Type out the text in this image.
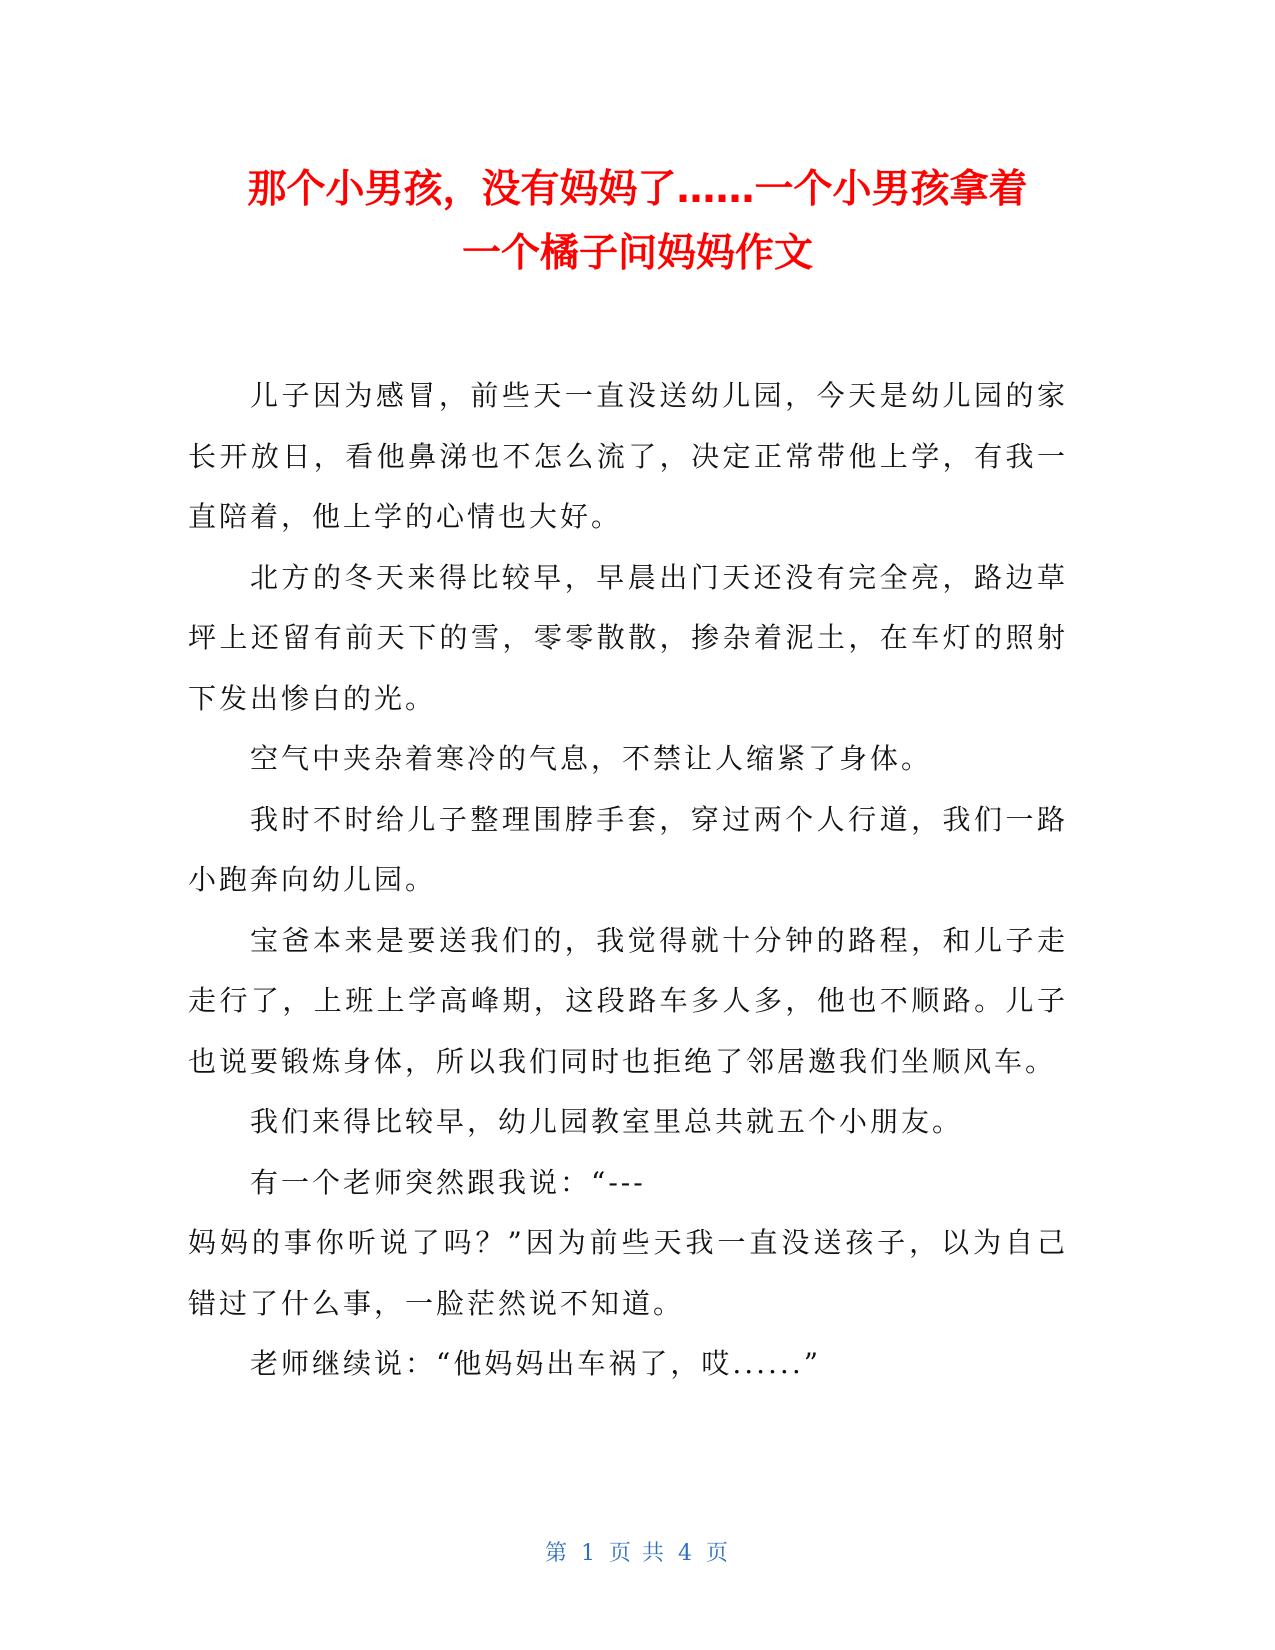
那个小男孩，没有妈妈了……一个小男孩拿着
一个橘子问妈妈作文

儿子因为感冒，前些天一直没送幼儿园，今天是幼儿园的家长开放日，看他鼻涕也不怎么流了，决定正常带他上学，有我一直陪着，他上学的心情也大好。

北方的冬天来得比较早，早晨出门天还没有完全亮，路边草坪上还留有前天下的雪，零零散散，掺杂着泥土，在车灯的照射下发出惨白的光。

空气中夹杂着寒冷的气息，不禁让人缩紧了身体。

我时不时给儿子整理围脖手套，穿过两个人行道，我们一路小跑奔向幼儿园。

宝爸本来是要送我们的，我觉得就十分钟的路程，和儿子走走行了，上班上学高峰期，这段路车多人多，他也不顺路。儿子也说要锻炼身体，所以我们同时也拒绝了邻居邀我们坐顺风车。

我们来得比较早，幼儿园教室里总共就五个小朋友。

有一个老师突然跟我说：“---

妈妈的事你听说了吗？”因为前些天我一直没送孩子，以为自己错过了什么事，一脸茫然说不知道。

老师继续说：“他妈妈出车祸了，哎......”

第 1 页 共 4 页
